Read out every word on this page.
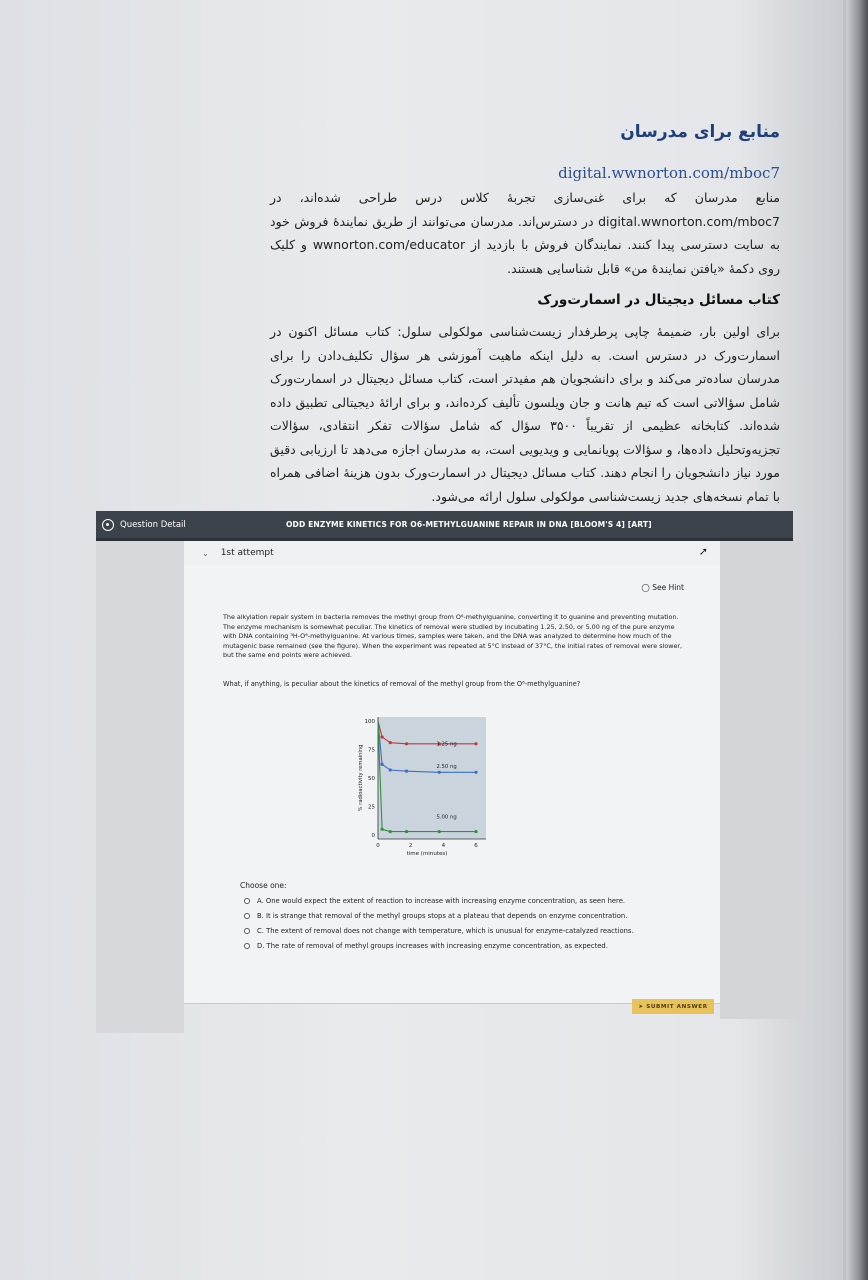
منابع برای مدرسان
digital.wwnorton.com/mboc7
منابع مدرسان که برای غنی‌سازی تجربهٔ کلاس درس طراحی شده‌اند، در digital.wwnorton.com/mboc7 در دسترس‌اند. مدرسان می‌توانند از طریق نمایندهٔ فروش خود به سایت دسترسی پیدا کنند. نمایندگان فروش با بازدید از wwnorton.com/educator و کلیک روی دکمهٔ «یافتن نمایندهٔ من» قابل شناسایی هستند.
کتاب مسائل دیجیتال در اسمارت‌ورک
برای اولین بار، ضمیمهٔ چاپی پرطرفدار زیست‌شناسی مولکولی سلول: کتاب مسائل اکنون در اسمارت‌ورک در دسترس است. به دلیل اینکه ماهیت آموزشی هر سؤال تکلیف‌دادن را برای مدرسان ساده‌تر می‌کند و برای دانشجویان هم مفیدتر است، کتاب مسائل دیجیتال در اسمارت‌ورک شامل سؤالاتی است که تیم هانت و جان ویلسون تألیف کرده‌اند، و برای ارائهٔ دیجیتالی تطبیق داده شده‌اند. کتابخانه عظیمی از تقریباً ۳۵۰۰ سؤال که شامل سؤالات تفکر انتقادی، سؤالات تجزیه‌وتحلیل داده‌ها، و سؤالات پویانمایی و ویدیویی است، به مدرسان اجازه می‌دهد تا ارزیابی دقیق مورد نیاز دانشجویان را انجام دهند. کتاب مسائل دیجیتال در اسمارت‌ورک بدون هزینهٔ اضافی همراه با تمام نسخه‌های جدید زیست‌شناسی مولکولی سلول ارائه می‌شود.
Question Detail	ODD ENZYME KINETICS FOR O6-METHYLGUANINE REPAIR IN DNA [BLOOM'S 4] [ART]
⌄ 1st attempt	➚
◯ See Hint
The alkylation repair system in bacteria removes the methyl group from O⁶-methylguanine, converting it to guanine and preventing mutation. The enzyme mechanism is somewhat peculiar. The kinetics of removal were studied by incubating 1.25, 2.50, or 5.00 ng of the pure enzyme with DNA containing ³H-O⁶-methylguanine. At various times, samples were taken, and the DNA was analyzed to determine how much of the mutagenic base remained (see the figure). When the experiment was repeated at 5°C instead of 37°C, the initial rates of removal were slower, but the same end points were achieved.
What, if anything, is peculiar about the kinetics of removal of the methyl group from the O⁶-methylguanine?
0
25
50
75
100
0	2	4	6
time (minutes)
% radioactivity remaining
1.25 ng
2.50 ng
5.00 ng
Choose one:
A. One would expect the extent of reaction to increase with increasing enzyme concentration, as seen here.
B. It is strange that removal of the methyl groups stops at a plateau that depends on enzyme concentration.
C. The extent of removal does not change with temperature, which is unusual for enzyme-catalyzed reactions.
D. The rate of removal of methyl groups increases with increasing enzyme concentration, as expected.
➤ SUBMIT ANSWER
